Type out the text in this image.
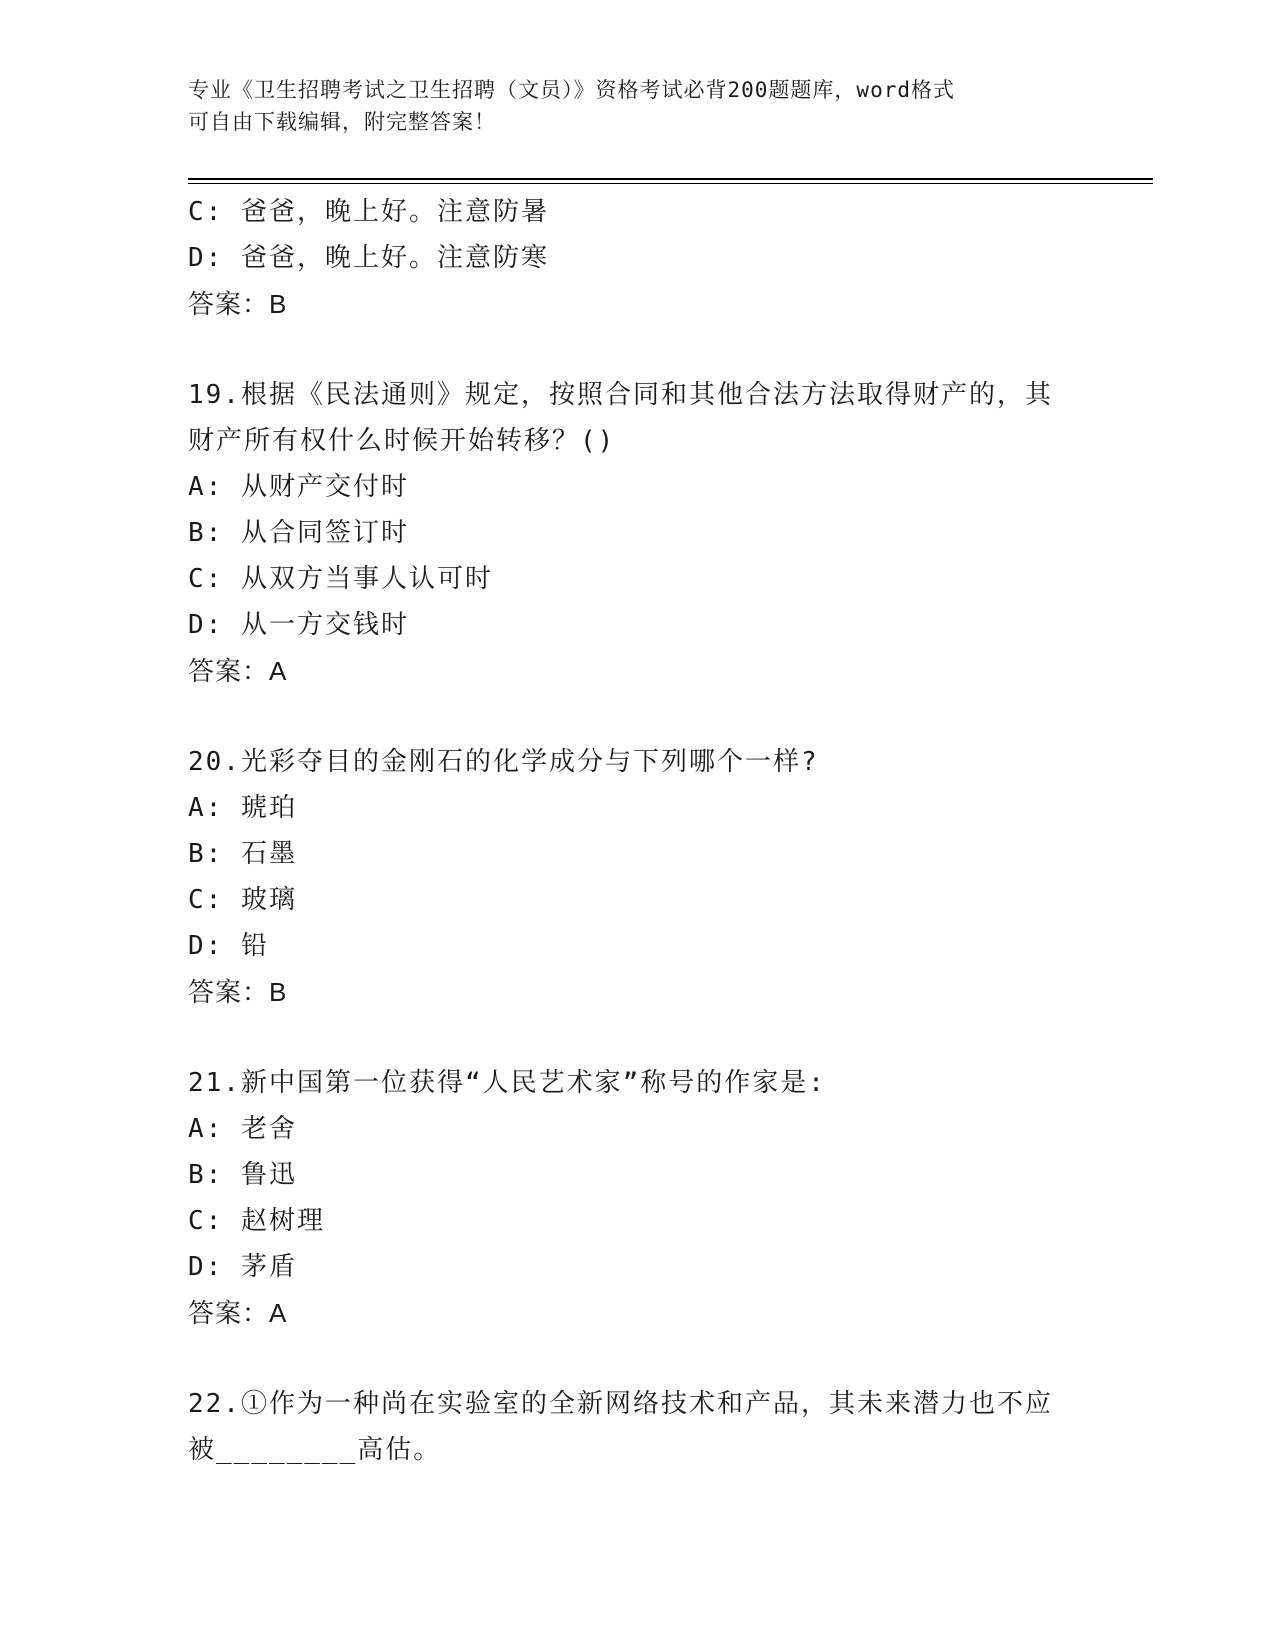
专业《卫生招聘考试之卫生招聘（文员）》资格考试必背200题题库，word格式
可自由下载编辑，附完整答案！
C: 爸爸，晚上好。注意防暑
D: 爸爸，晚上好。注意防寒
答案：B
19.根据《民法通则》规定，按照合同和其他合法方法取得财产的，其财产所有权什么时候开始转移？()
A: 从财产交付时
B: 从合同签订时
C: 从双方当事人认可时
D: 从一方交钱时
答案：A
20.光彩夺目的金刚石的化学成分与下列哪个一样?
A: 琥珀
B: 石墨
C: 玻璃
D: 铅
答案：B
21.新中国第一位获得“人民艺术家”称号的作家是:
A: 老舍
B: 鲁迅
C: 赵树理
D: 茅盾
答案：A
22.①作为一种尚在实验室的全新网络技术和产品，其未来潜力也不应被________高估。
